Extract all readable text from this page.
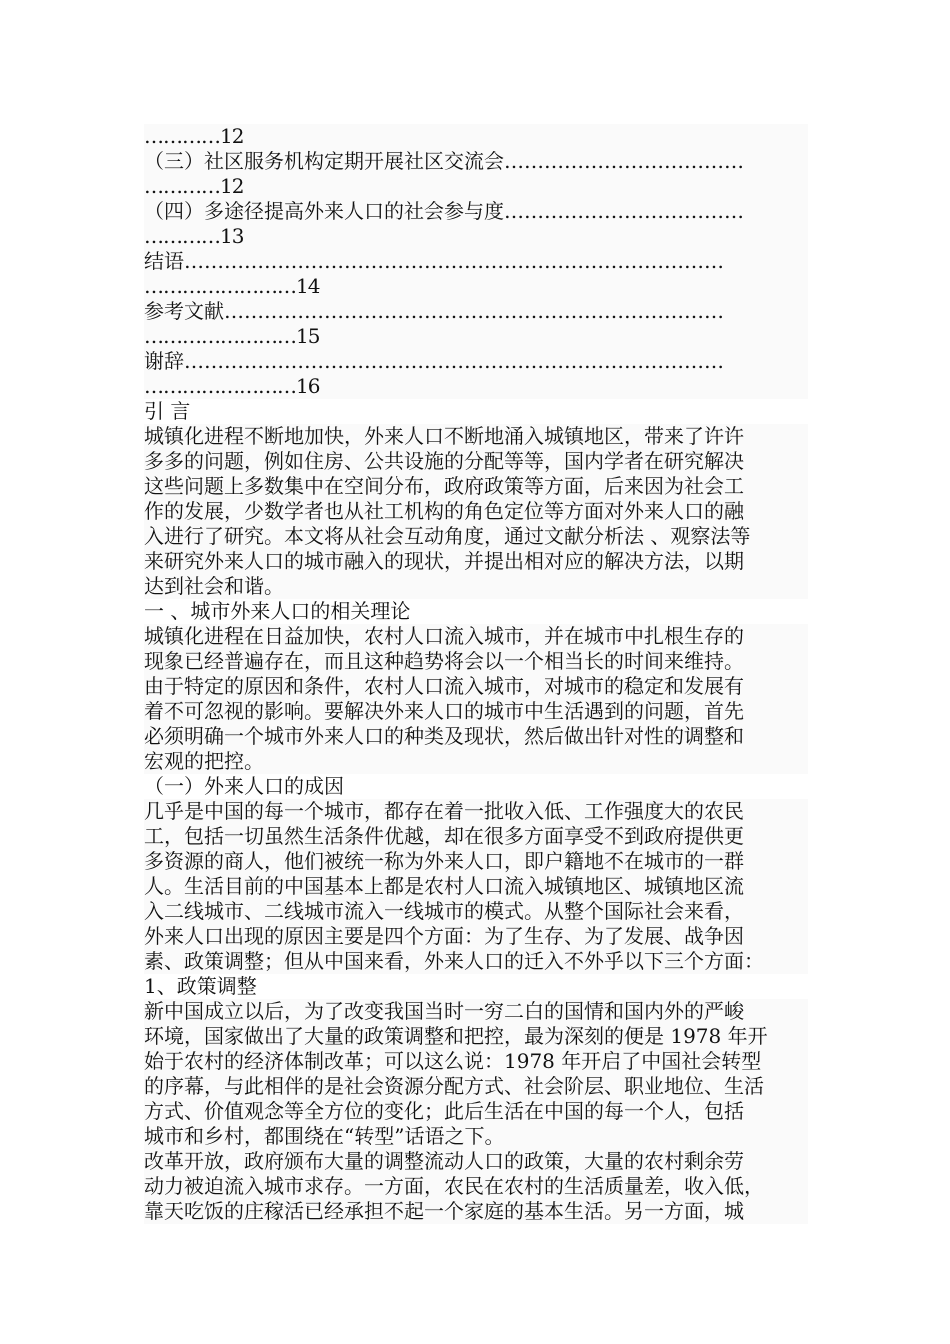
…………12
（三）社区服务机构定期开展社区交流会………………………………
…………12
（四）多途径提高外来人口的社会参与度………………………………
…………13
结语………………………………………………………………………
……………………14
参考文献…………………………………………………………………
……………………15
谢辞………………………………………………………………………
……………………16
引 言
城镇化进程不断地加快，外来人口不断地涌入城镇地区，带来了许许
多多的问题，例如住房、公共设施的分配等等，国内学者在研究解决
这些问题上多数集中在空间分布，政府政策等方面，后来因为社会工
作的发展，少数学者也从社工机构的角色定位等方面对外来人口的融
入进行了研究。本文将从社会互动角度，通过文献分析法 、观察法等
来研究外来人口的城市融入的现状，并提出相对应的解决方法，以期
达到社会和谐。
一 、城市外来人口的相关理论
城镇化进程在日益加快，农村人口流入城市，并在城市中扎根生存的
现象已经普遍存在，而且这种趋势将会以一个相当长的时间来维持。
由于特定的原因和条件，农村人口流入城市，对城市的稳定和发展有
着不可忽视的影响。要解决外来人口的城市中生活遇到的问题，首先
必须明确一个城市外来人口的种类及现状，然后做出针对性的调整和
宏观的把控。
（一）外来人口的成因
几乎是中国的每一个城市，都存在着一批收入低、工作强度大的农民
工，包括一切虽然生活条件优越，却在很多方面享受不到政府提供更
多资源的商人，他们被统一称为外来人口，即户籍地不在城市的一群
人。生活目前的中国基本上都是农村人口流入城镇地区、城镇地区流
入二线城市、二线城市流入一线城市的模式。从整个国际社会来看，
外来人口出现的原因主要是四个方面：为了生存、为了发展、战争因
素、政策调整；但从中国来看，外来人口的迁入不外乎以下三个方面：
1、政策调整
新中国成立以后，为了改变我国当时一穷二白的国情和国内外的严峻
环境，国家做出了大量的政策调整和把控，最为深刻的便是 1978 年开
始于农村的经济体制改革；可以这么说：1978 年开启了中国社会转型
的序幕，与此相伴的是社会资源分配方式、社会阶层、职业地位、生活
方式、价值观念等全方位的变化；此后生活在中国的每一个人，包括
城市和乡村，都围绕在“转型”话语之下。
改革开放，政府颁布大量的调整流动人口的政策，大量的农村剩余劳
动力被迫流入城市求存。一方面，农民在农村的生活质量差，收入低，
靠天吃饭的庄稼活已经承担不起一个家庭的基本生活。另一方面，城
